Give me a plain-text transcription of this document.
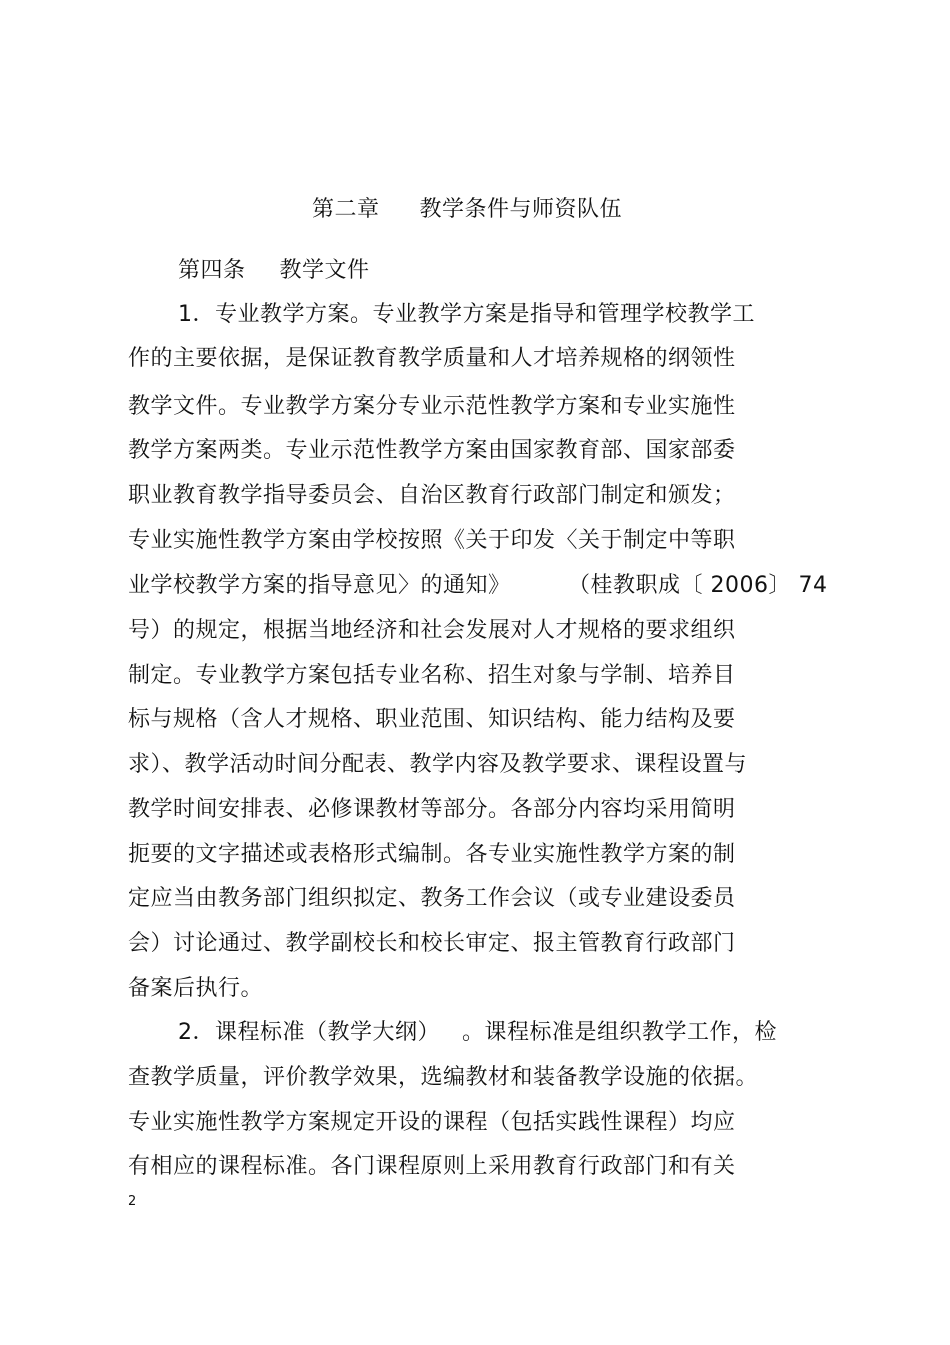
第二章 教学条件与师资队伍
第四条 教学文件
1．专业教学方案。专业教学方案是指导和管理学校教学工
作的主要依据，是保证教育教学质量和人才培养规格的纲领性
教学文件。专业教学方案分专业示范性教学方案和专业实施性
教学方案两类。专业示范性教学方案由国家教育部、国家部委
职业教育教学指导委员会、自治区教育行政部门制定和颁发；
专业实施性教学方案由学校按照《关于印发〈关于制定中等职
业学校教学方案的指导意见〉的通知》	（桂教职成〔 2006〕 74
号）的规定，根据当地经济和社会发展对人才规格的要求组织
制定。专业教学方案包括专业名称、招生对象与学制、培养目
标与规格（含人才规格、职业范围、知识结构、能力结构及要
求）、教学活动时间分配表、教学内容及教学要求、课程设置与
教学时间安排表、必修课教材等部分。各部分内容均采用简明
扼要的文字描述或表格形式编制。各专业实施性教学方案的制
定应当由教务部门组织拟定、教务工作会议（或专业建设委员
会）讨论通过、教学副校长和校长审定、报主管教育行政部门
备案后执行。
2．课程标准（教学大纲） 。课程标准是组织教学工作，检
查教学质量，评价教学效果，选编教材和装备教学设施的依据。
专业实施性教学方案规定开设的课程（包括实践性课程）均应
有相应的课程标准。各门课程原则上采用教育行政部门和有关
2
